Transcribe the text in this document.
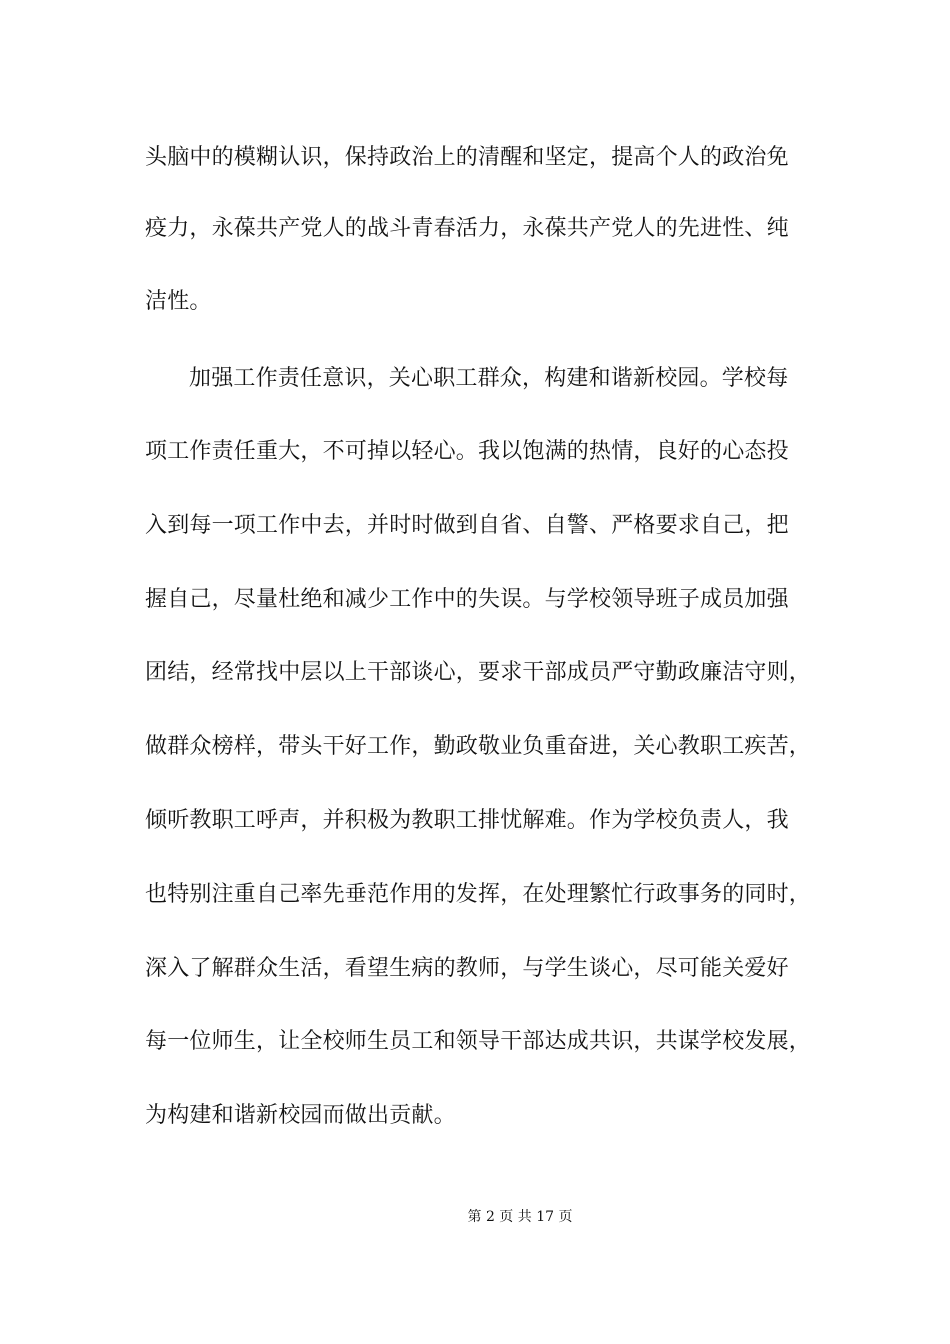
头脑中的模糊认识，保持政治上的清醒和坚定，提高个人的政治免
疫力，永葆共产党人的战斗青春活力，永葆共产党人的先进性、纯
洁性。
加强工作责任意识，关心职工群众，构建和谐新校园。学校每
项工作责任重大，不可掉以轻心。我以饱满的热情，良好的心态投
入到每一项工作中去，并时时做到自省、自警、严格要求自己，把
握自己，尽量杜绝和减少工作中的失误。与学校领导班子成员加强
团结，经常找中层以上干部谈心，要求干部成员严守勤政廉洁守则，
做群众榜样，带头干好工作，勤政敬业负重奋进，关心教职工疾苦，
倾听教职工呼声，并积极为教职工排忧解难。作为学校负责人，我
也特别注重自己率先垂范作用的发挥，在处理繁忙行政事务的同时，
深入了解群众生活，看望生病的教师，与学生谈心，尽可能关爱好
每一位师生，让全校师生员工和领导干部达成共识，共谋学校发展，
为构建和谐新校园而做出贡献。
第 2 页 共 17 页
